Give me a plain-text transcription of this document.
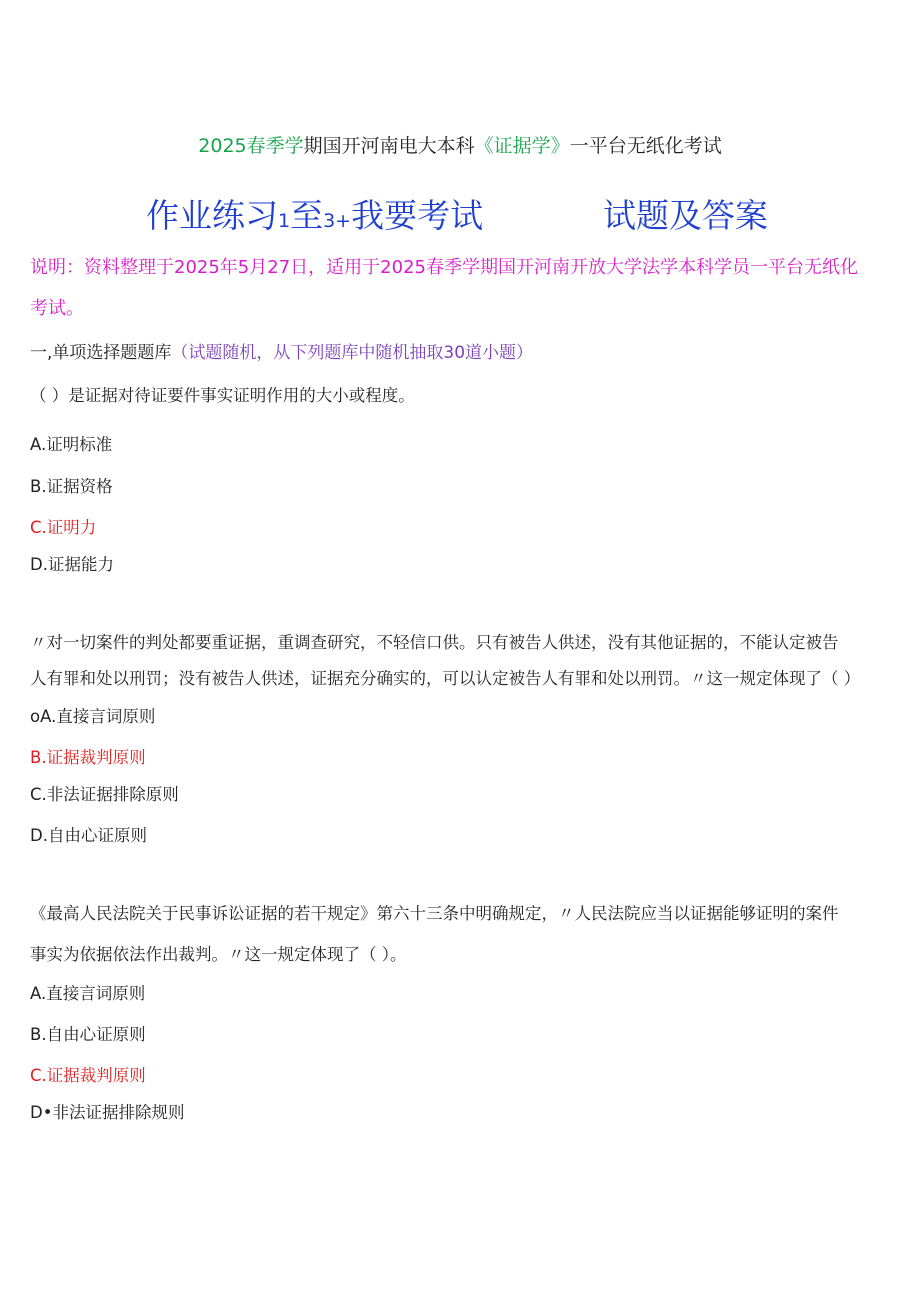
2025春季学期国开河南电大本科《证据学》一平台无纸化考试
作业练习1至3+我要考试	试题及答案
说明：资料整理于2025年5月27日，适用于2025春季学期国开河南开放大学法学本科学员一平台无纸化
考试。
一,单项选择题题库（试题随机，从下列题库中随机抽取30道小题）
（ ）是证据对待证要件事实证明作用的大小或程度。
A.证明标准
B.证据资格
C.证明力
D.证据能力
〃对一切案件的判处都要重证据，重调查研究，不轻信口供。只有被告人供述，没有其他证据的，不能认定被告
人有罪和处以刑罚；没有被告人供述，证据充分确实的，可以认定被告人有罪和处以刑罚。〃这一规定体现了（ ）
oA.直接言词原则
B.证据裁判原则
C.非法证据排除原则
D.自由心证原则
《最高人民法院关于民事诉讼证据的若干规定》第六十三条中明确规定，〃人民法院应当以证据能够证明的案件
事实为依据依法作出裁判。〃这一规定体现了（ ）。
A.直接言词原则
B.自由心证原则
C.证据裁判原则
D•非法证据排除规则
